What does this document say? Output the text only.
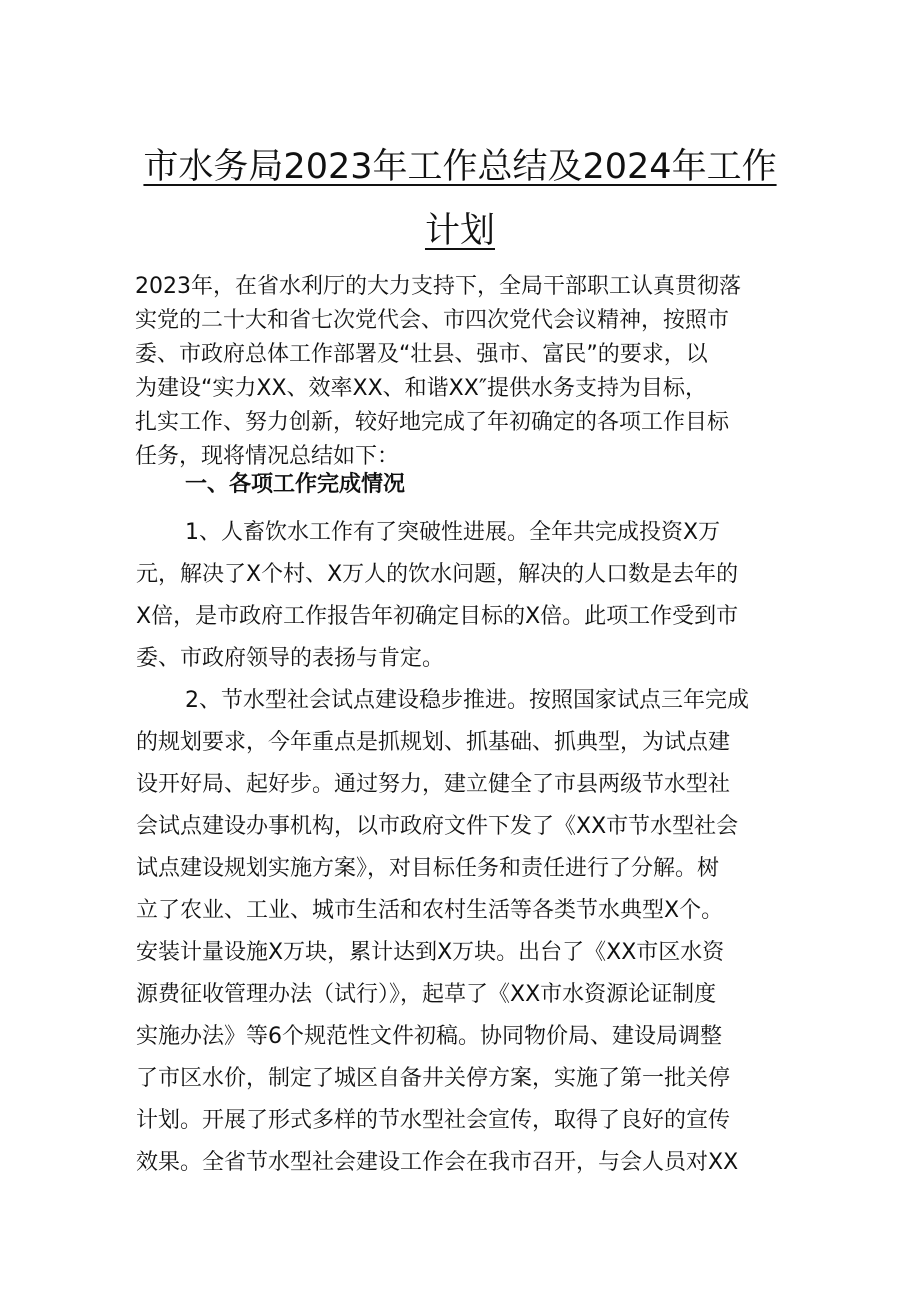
市水务局2023年工作总结及2024年工作
计划

2023年，在省水利厅的大力支持下，全局干部职工认真贯彻落
实党的二十大和省七次党代会、市四次党代会议精神，按照市
委、市政府总体工作部署及“壮县、强市、富民”的要求，以
为建设“实力XX、效率XX、和谐XX″提供水务支持为目标，
扎实工作、努力创新，较好地完成了年初确定的各项工作目标
任务，现将情况总结如下：

一、各项工作完成情况

1、人畜饮水工作有了突破性进展。全年共完成投资X万
元，解决了X个村、X万人的饮水问题，解决的人口数是去年的
X倍，是市政府工作报告年初确定目标的X倍。此项工作受到市
委、市政府领导的表扬与肯定。

2、节水型社会试点建设稳步推进。按照国家试点三年完成
的规划要求，今年重点是抓规划、抓基础、抓典型，为试点建
设开好局、起好步。通过努力，建立健全了市县两级节水型社
会试点建设办事机构，以市政府文件下发了《XX市节水型社会
试点建设规划实施方案》，对目标任务和责任进行了分解。树
立了农业、工业、城市生活和农村生活等各类节水典型X个。
安装计量设施X万块，累计达到X万块。出台了《XX市区水资
源费征收管理办法（试行）》，起草了《XX市水资源论证制度
实施办法》等6个规范性文件初稿。协同物价局、建设局调整
了市区水价，制定了城区自备井关停方案，实施了第一批关停
计划。开展了形式多样的节水型社会宣传，取得了良好的宣传
效果。全省节水型社会建设工作会在我市召开，与会人员对XX
